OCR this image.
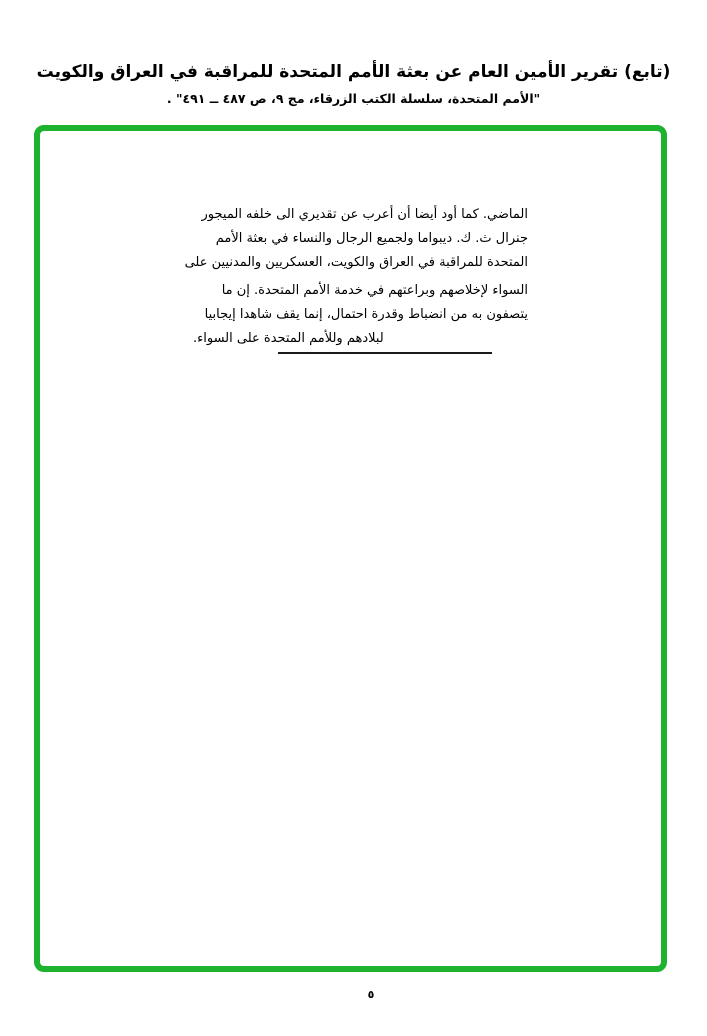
(تابع) تقرير الأمين العام عن بعثة الأمم المتحدة للمراقبة في العراق والكويت
"الأمم المتحدة، سلسلة الكتب الزرقاء، مج ٩، ص ٤٨٧ ــ ٤٩١" .
الماضي. كما أود أيضا أن أعرب عن تقديري الى خلفه الميجور
جنرال ث. ك. ديبواما ولجميع الرجال والنساء في بعثة الأمم
المتحدة للمراقبة في العراق والكويت، العسكريين والمدنيين على
السواء لإخلاصهم وبراعتهم في خدمة الأمم المتحدة. إن ما
يتصفون به من انضباط وقدرة احتمال، إنما يقف شاهدا إيجابيا
لبلادهم وللأمم المتحدة على السواء.
٥
